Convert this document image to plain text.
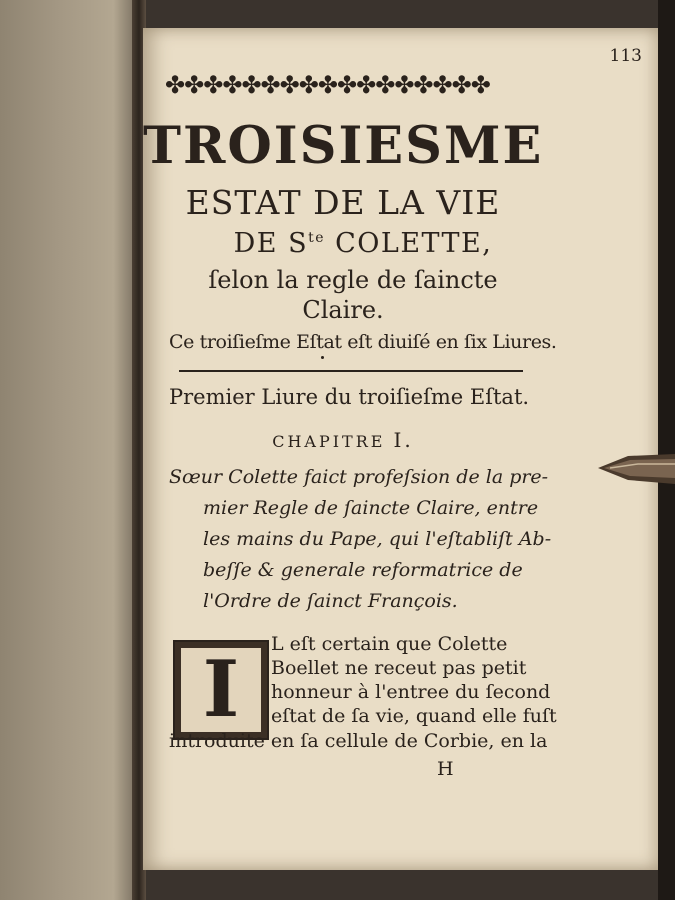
113
✤✤✤✤✤✤✤✤✤✤✤✤✤✤✤✤✤
TROISIESME
ESTAT DE LA VIE
DE $S^{te}$ COLETTE,
ſelon la regle de ſaincte
Claire.
Ce troiſieſme Eſtat eſt diuiſé en ſix Liures.
Premier Liure du troiſieſme Eſtat.
CHAPITRE I.
Sœur Colette faict profeſsion de la pre-
mier Regle de ſaincte Claire, entre
les mains du Pape, qui l'eſtabliſt Ab-
beſſe & generale reformatrice de
l'Ordre de ſainct François.
I	L eſt certain que Colette
Boellet ne receut pas petit
honneur à l'entree du ſecond
eſtat de ſa vie, quand elle fuſt
introduite en ſa cellule de Corbie, en la
H
